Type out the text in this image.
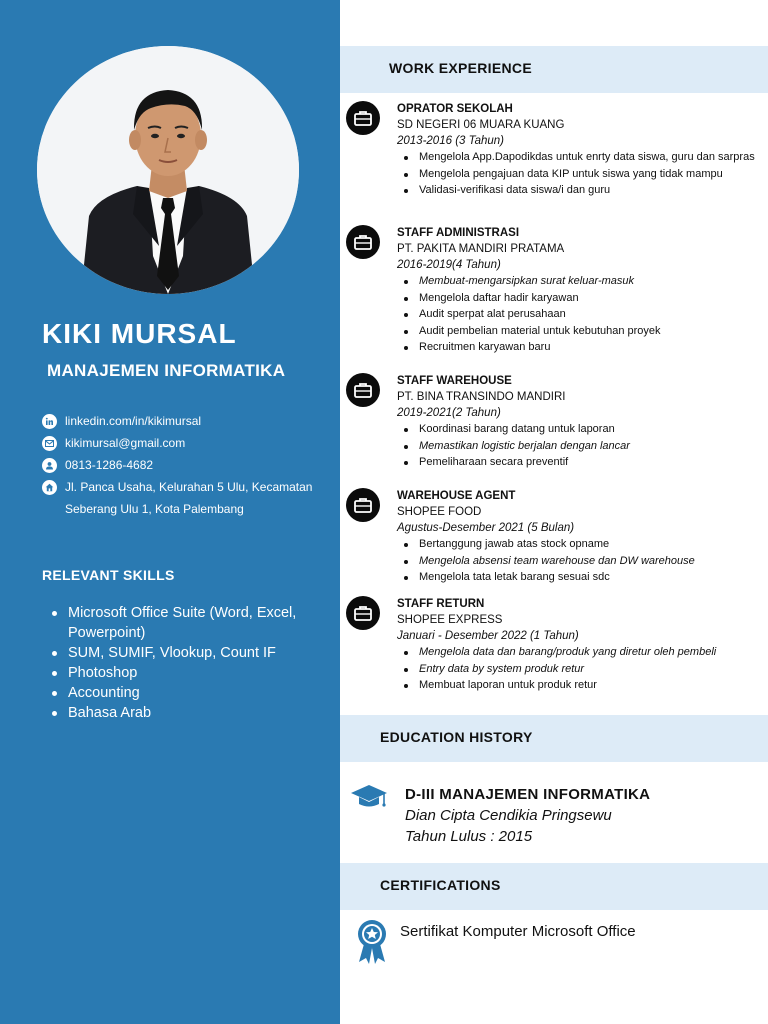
KIKI MURSAL
MANAJEMEN INFORMATIKA
linkedin.com/in/kikimursal
kikimursal@gmail.com
0813-1286-4682
Jl. Panca Usaha, Kelurahan 5 Ulu, Kecamatan Seberang Ulu 1, Kota Palembang
RELEVANT SKILLS
Microsoft Office Suite (Word, Excel, Powerpoint)
SUM, SUMIF, Vlookup, Count IF
Photoshop
Accounting
Bahasa Arab
WORK EXPERIENCE
OPRATOR SEKOLAH
SD NEGERI 06 MUARA KUANG
2013-2016 (3 Tahun)
Mengelola App.Dapodikdas untuk enrty data siswa, guru dan sarpras
Mengelola pengajuan data KIP untuk siswa yang tidak mampu
Validasi-verifikasi data siswa/i dan guru
STAFF ADMINISTRASI
PT. PAKITA MANDIRI PRATAMA
2016-2019(4 Tahun)
Membuat-mengarsipkan surat keluar-masuk
Mengelola daftar hadir karyawan
Audit sperpat alat perusahaan
Audit pembelian material untuk kebutuhan proyek
Recruitmen karyawan baru
STAFF WAREHOUSE
PT. BINA TRANSINDO MANDIRI
2019-2021(2 Tahun)
Koordinasi barang datang untuk laporan
Memastikan logistic berjalan dengan lancar
Pemeliharaan secara preventif
WAREHOUSE AGENT
SHOPEE FOOD
Agustus-Desember 2021 (5 Bulan)
Bertanggung jawab atas stock opname
Mengelola absensi team warehouse dan DW warehouse
Mengelola tata letak barang sesuai sdc
STAFF RETURN
SHOPEE EXPRESS
Januari - Desember 2022 (1 Tahun)
Mengelola data dan barang/produk yang diretur oleh pembeli
Entry data by system produk retur
Membuat laporan untuk produk retur
EDUCATION HISTORY
D-III MANAJEMEN INFORMATIKA
Dian Cipta Cendikia Pringsewu
Tahun Lulus : 2015
CERTIFICATIONS
Sertifikat Komputer Microsoft Office
